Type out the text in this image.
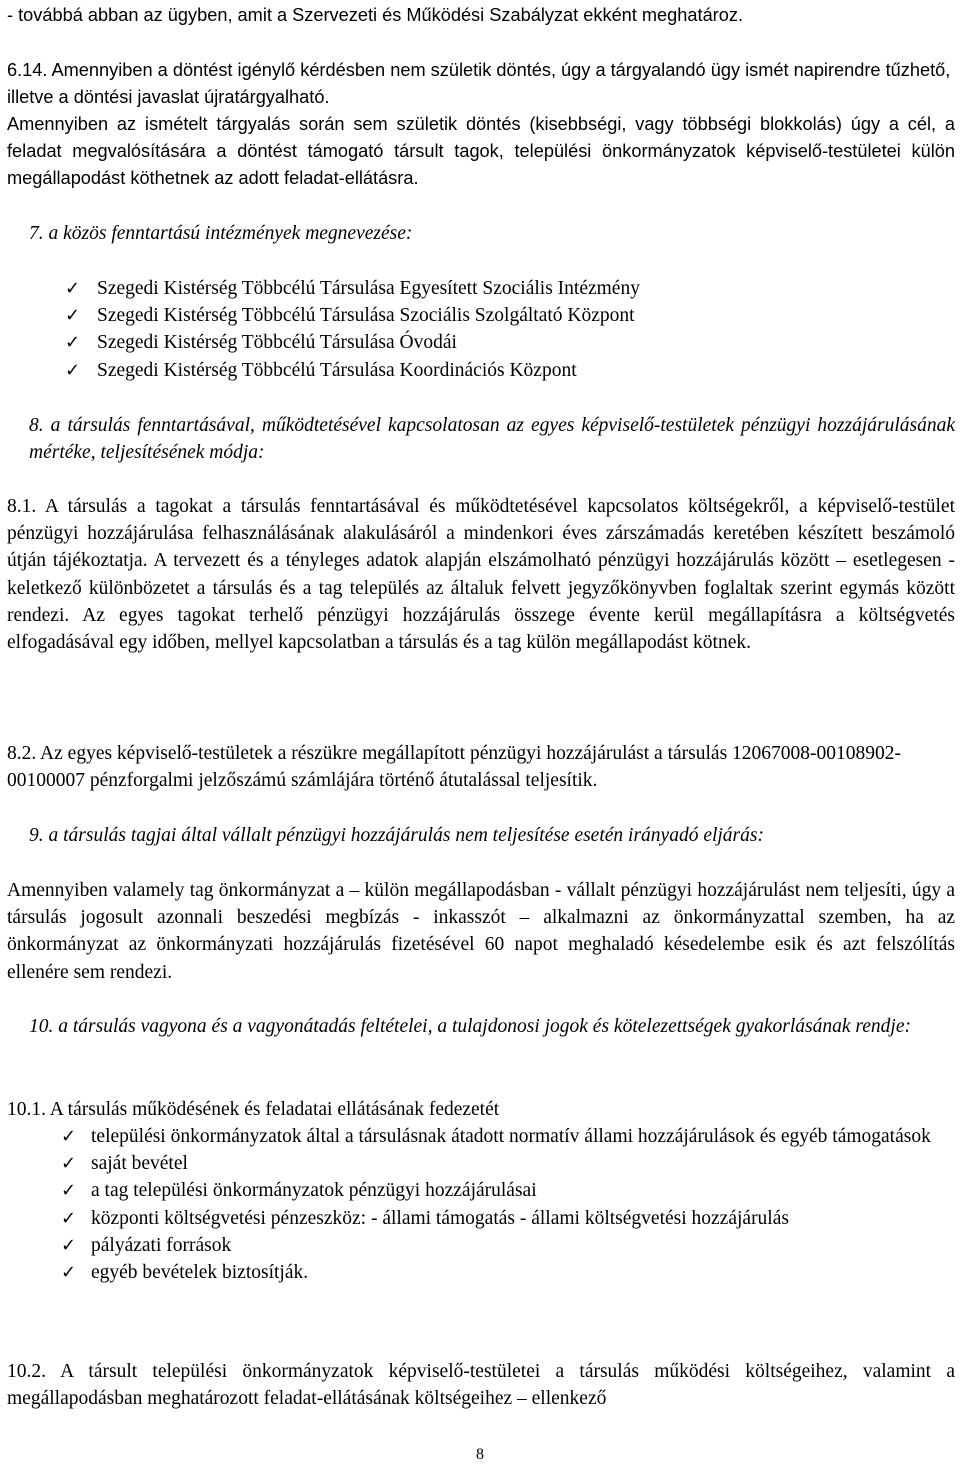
- továbbá abban az ügyben, amit a Szervezeti és Működési Szabályzat ekként meghatároz.

6.14. Amennyiben a döntést igénylő kérdésben nem születik döntés, úgy a tárgyalandó ügy ismét napirendre tűzhető, illetve a döntési javaslat újratárgyalható.

Amennyiben az ismételt tárgyalás során sem születik döntés (kisebbségi, vagy többségi blokkolás) úgy a cél, a feladat megvalósítására a döntést támogató társult tagok, települési önkormányzatok képviselő-testületei külön megállapodást köthetnek az adott feladat-ellátásra.

7. a közös fenntartású intézmények megnevezése:

✓ Szegedi Kistérség Többcélú Társulása Egyesített Szociális Intézmény
✓ Szegedi Kistérség Többcélú Társulása Szociális Szolgáltató Központ
✓ Szegedi Kistérség Többcélú Társulása Óvodái
✓ Szegedi Kistérség Többcélú Társulása Koordinációs Központ

8. a társulás fenntartásával, működtetésével kapcsolatosan az egyes képviselő-testületek pénzügyi hozzájárulásának mértéke, teljesítésének módja:

8.1. A társulás a tagokat a társulás fenntartásával és működtetésével kapcsolatos költségekről, a képviselő-testület pénzügyi hozzájárulása felhasználásának alakulásáról a mindenkori éves zárszámadás keretében készített beszámoló útján tájékoztatja. A tervezett és a tényleges adatok alapján elszámolható pénzügyi hozzájárulás között – esetlegesen - keletkező különbözetet a társulás és a tag település az általuk felvett jegyzőkönyvben foglaltak szerint egymás között rendezi. Az egyes tagokat terhelő pénzügyi hozzájárulás összege évente kerül megállapításra a költségvetés elfogadásával egy időben, mellyel kapcsolatban a társulás és a tag külön megállapodást kötnek.

8.2. Az egyes képviselő-testületek a részükre megállapított pénzügyi hozzájárulást a társulás 12067008-00108902-00100007 pénzforgalmi jelzőszámú számlájára történő átutalással teljesítik.

9. a társulás tagjai által vállalt pénzügyi hozzájárulás nem teljesítése esetén irányadó eljárás:

Amennyiben valamely tag önkormányzat a – külön megállapodásban - vállalt pénzügyi hozzájárulást nem teljesíti, úgy a társulás jogosult azonnali beszedési megbízás - inkasszót – alkalmazni az önkormányzattal szemben, ha az önkormányzat az önkormányzati hozzájárulás fizetésével 60 napot meghaladó késedelembe esik és azt felszólítás ellenére sem rendezi.

10. a társulás vagyona és a vagyonátadás feltételei, a tulajdonosi jogok és kötelezettségek gyakorlásának rendje:

10.1. A társulás működésének és feladatai ellátásának fedezetét

✓ települési önkormányzatok által a társulásnak átadott normatív állami hozzájárulások és egyéb támogatások
✓ saját bevétel
✓ a tag települési önkormányzatok pénzügyi hozzájárulásai
✓ központi költségvetési pénzeszköz: - állami támogatás - állami költségvetési hozzájárulás
✓ pályázati források
✓ egyéb bevételek biztosítják.

10.2. A társult települési önkormányzatok képviselő-testületei a társulás működési költségeihez, valamint a megállapodásban meghatározott feladat-ellátásának költségeihez – ellenkező

8
